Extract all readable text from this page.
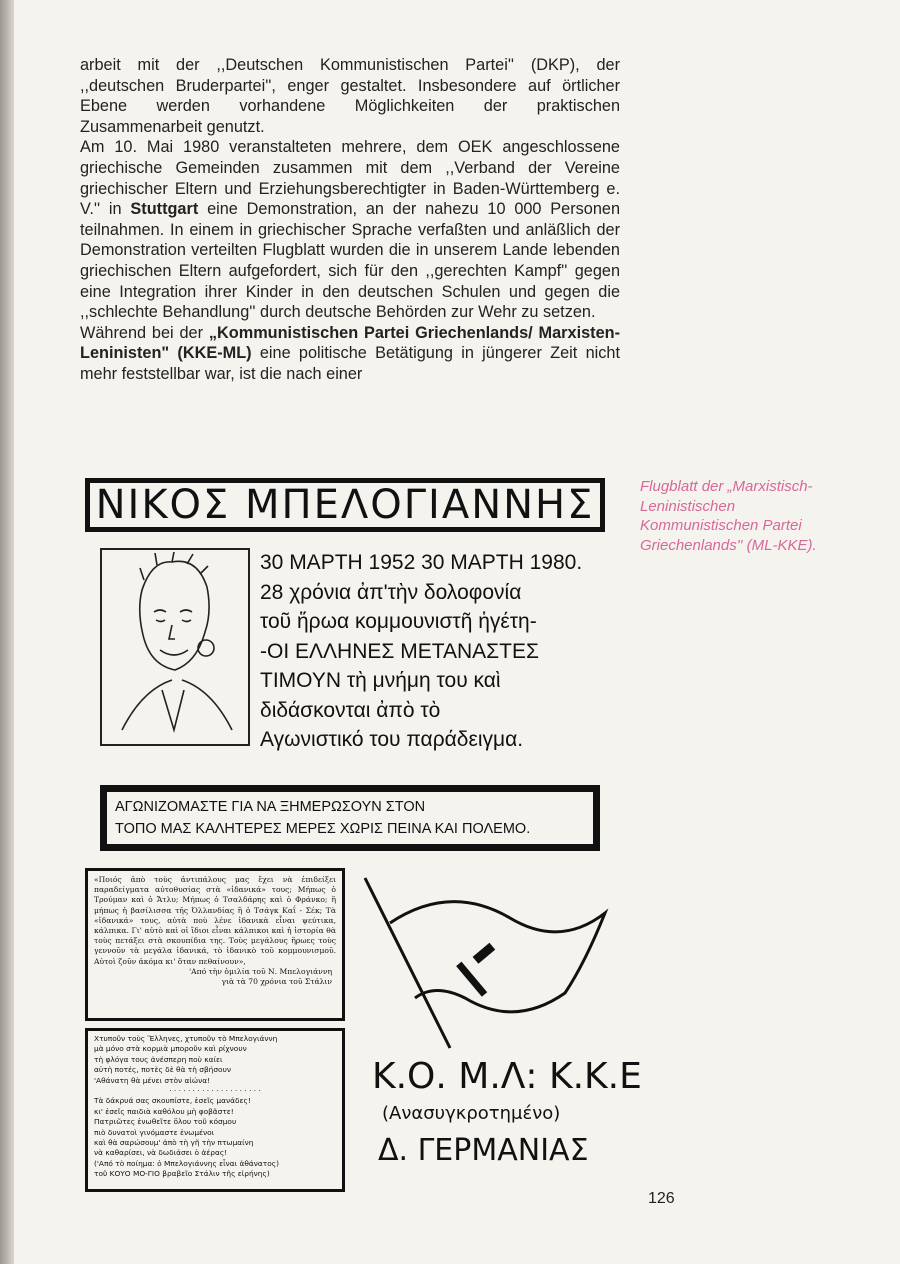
arbeit mit der ,,Deutschen Kommunistischen Partei'' (DKP), der ,,deutschen Bruderpartei'', enger gestaltet. Insbesondere auf örtlicher Ebene werden vorhandene Möglichkeiten der praktischen Zusammenarbeit genutzt.

Am 10. Mai 1980 veranstalteten mehrere, dem OEK angeschlossene griechische Gemeinden zusammen mit dem ,,Verband der Vereine griechischer Eltern und Erziehungsberechtigter in Baden-Württemberg e. V.'' in Stuttgart eine Demonstration, an der nahezu 10 000 Personen teilnahmen. In einem in griechischer Sprache verfaßten und anläßlich der Demonstration verteilten Flugblatt wurden die in unserem Lande lebenden griechischen Eltern aufgefordert, sich für den ,,gerechten Kampf'' gegen eine Integration ihrer Kinder in den deutschen Schulen und gegen die ,,schlechte Behandlung'' durch deutsche Behörden zur Wehr zu setzen.

Während bei der „Kommunistischen Partei Griechenlands/ Marxisten-Leninisten" (KKE-ML) eine politische Betätigung in jüngerer Zeit nicht mehr feststellbar war, ist die nach einer

Flugblatt der „Marxistisch-Leninistischen Kommunistischen Partei Griechenlands'' (ML-KKE).
ΝΙΚΟΣ ΜΠΕΛΟΓΙΑΝΝΗΣ
30 ΜΑΡΤΗ 1952 30 ΜΑΡΤΗ 1980.
28 χρόνια ἀπ'τὴν δολοφονία
τοῦ ἥρωα κομμουνιστῆ ἡγέτη-
-ΟΙ ΕΛΛΗΝΕΣ ΜΕΤΑΝΑΣΤΕΣ
ΤΙΜΟΥΝ τὴ μνήμη του καὶ
διδάσκονται ἀπὸ τὸ
Αγωνιστικό του παράδειγμα.
ΑΓΩΝΙΖΟΜΑΣΤΕ ΓΙΑ ΝΑ ΞΗΜΕΡΩΣΟΥΝ ΣΤΟΝ
ΤΟΠΟ ΜΑΣ ΚΑΛΗΤΕΡΕΣ ΜΕΡΕΣ ΧΩΡΙΣ ΠΕΙΝΑ ΚΑΙ ΠΟΛΕΜΟ.

«Ποιός ἀπὸ τοὺς ἀντιπάλους μας ἔχει νὰ ἐπιδείξει παραδείγματα αὐτοθυσίας στὰ «ἰδανικά» τους; Μήπως ὁ Τρούμαν καὶ ὁ Ἄτλυ; Μήπως ὁ Τσαλδάρης καὶ ὁ Φράνκο; ἢ μήπως ἡ βασίλισσα τῆς Ὀλλανδίας ἢ ὁ Τσάγκ Καΐ - Σέκ; Τὰ «ἰδανικά» τους, αὐτὰ ποὺ λένε ἰδανικὰ εἶναι ψεύτικα, κάλπικα. Γι' αὐτὸ καὶ οἱ ἴδιοι εἶναι κάλπικοι καὶ ἡ ἱστορία θὰ τοὺς πετάξει στὰ σκουπίδια της. Τοὺς μεγάλους ἥρωες τοὺς γεννοῦν τὰ μεγάλα ἰδανικά, τὸ ἰδανικὸ τοῦ κομμουνισμοῦ. Αὐτοὶ ζοῦν ἀκόμα κι' ὅταν πεθαίνουν»,

'Από τὴν ὁμιλία τοῦ Ν. Μπελογιάννη

γιὰ τὰ 70 χρόνια τοῦ Στάλιν

Χτυποῦν τοὺς Ἕλληνες, χτυποῦν τὸ Μπελογιάννη

μὰ μόνο στὰ κορμιὰ μποροῦν καὶ ρίχνουν

τὴ φλόγα τους ἀνέσπερη ποὺ καίει

αὐτὴ ποτές, ποτὲς δὲ θὰ τὴ σβήσουν

'Αθάνατη θὰ μένει στὸν αἰώνα!

· · · · · · · · · · · · · · · · · · · ·

Τὰ δάκρυά σας σκουπίστε, ἐσεῖς μανάδες!

κι' ἐσεῖς παιδιὰ καθόλου μὴ φοβᾶστε!

Πατριῶτες ἑνωθεῖτε ὅλου τοῦ κόσμου

πιὸ δυνατοὶ γινόμαστε ἑνωμένοι

καὶ θὰ σαρώσουμ' ἀπὸ τὴ γῆ τὴν πτωμαίνη

νὰ καθαρίσει, νὰ δωδιάσει ὁ ἀέρας!

('Από τὸ ποίημα: ὁ Μπελογιάννης εἶναι ἀθάνατος)

τοῦ ΚΟΥΟ ΜΟ-ΓΙΟ βραβεῖο Στάλιν τῆς εἰρήνης)

Κ.Ο. Μ.Λ: Κ.Κ.Ε
(Ανασυγκροτημένο)
Δ. ΓΕΡΜΑΝΙΑΣ
126
